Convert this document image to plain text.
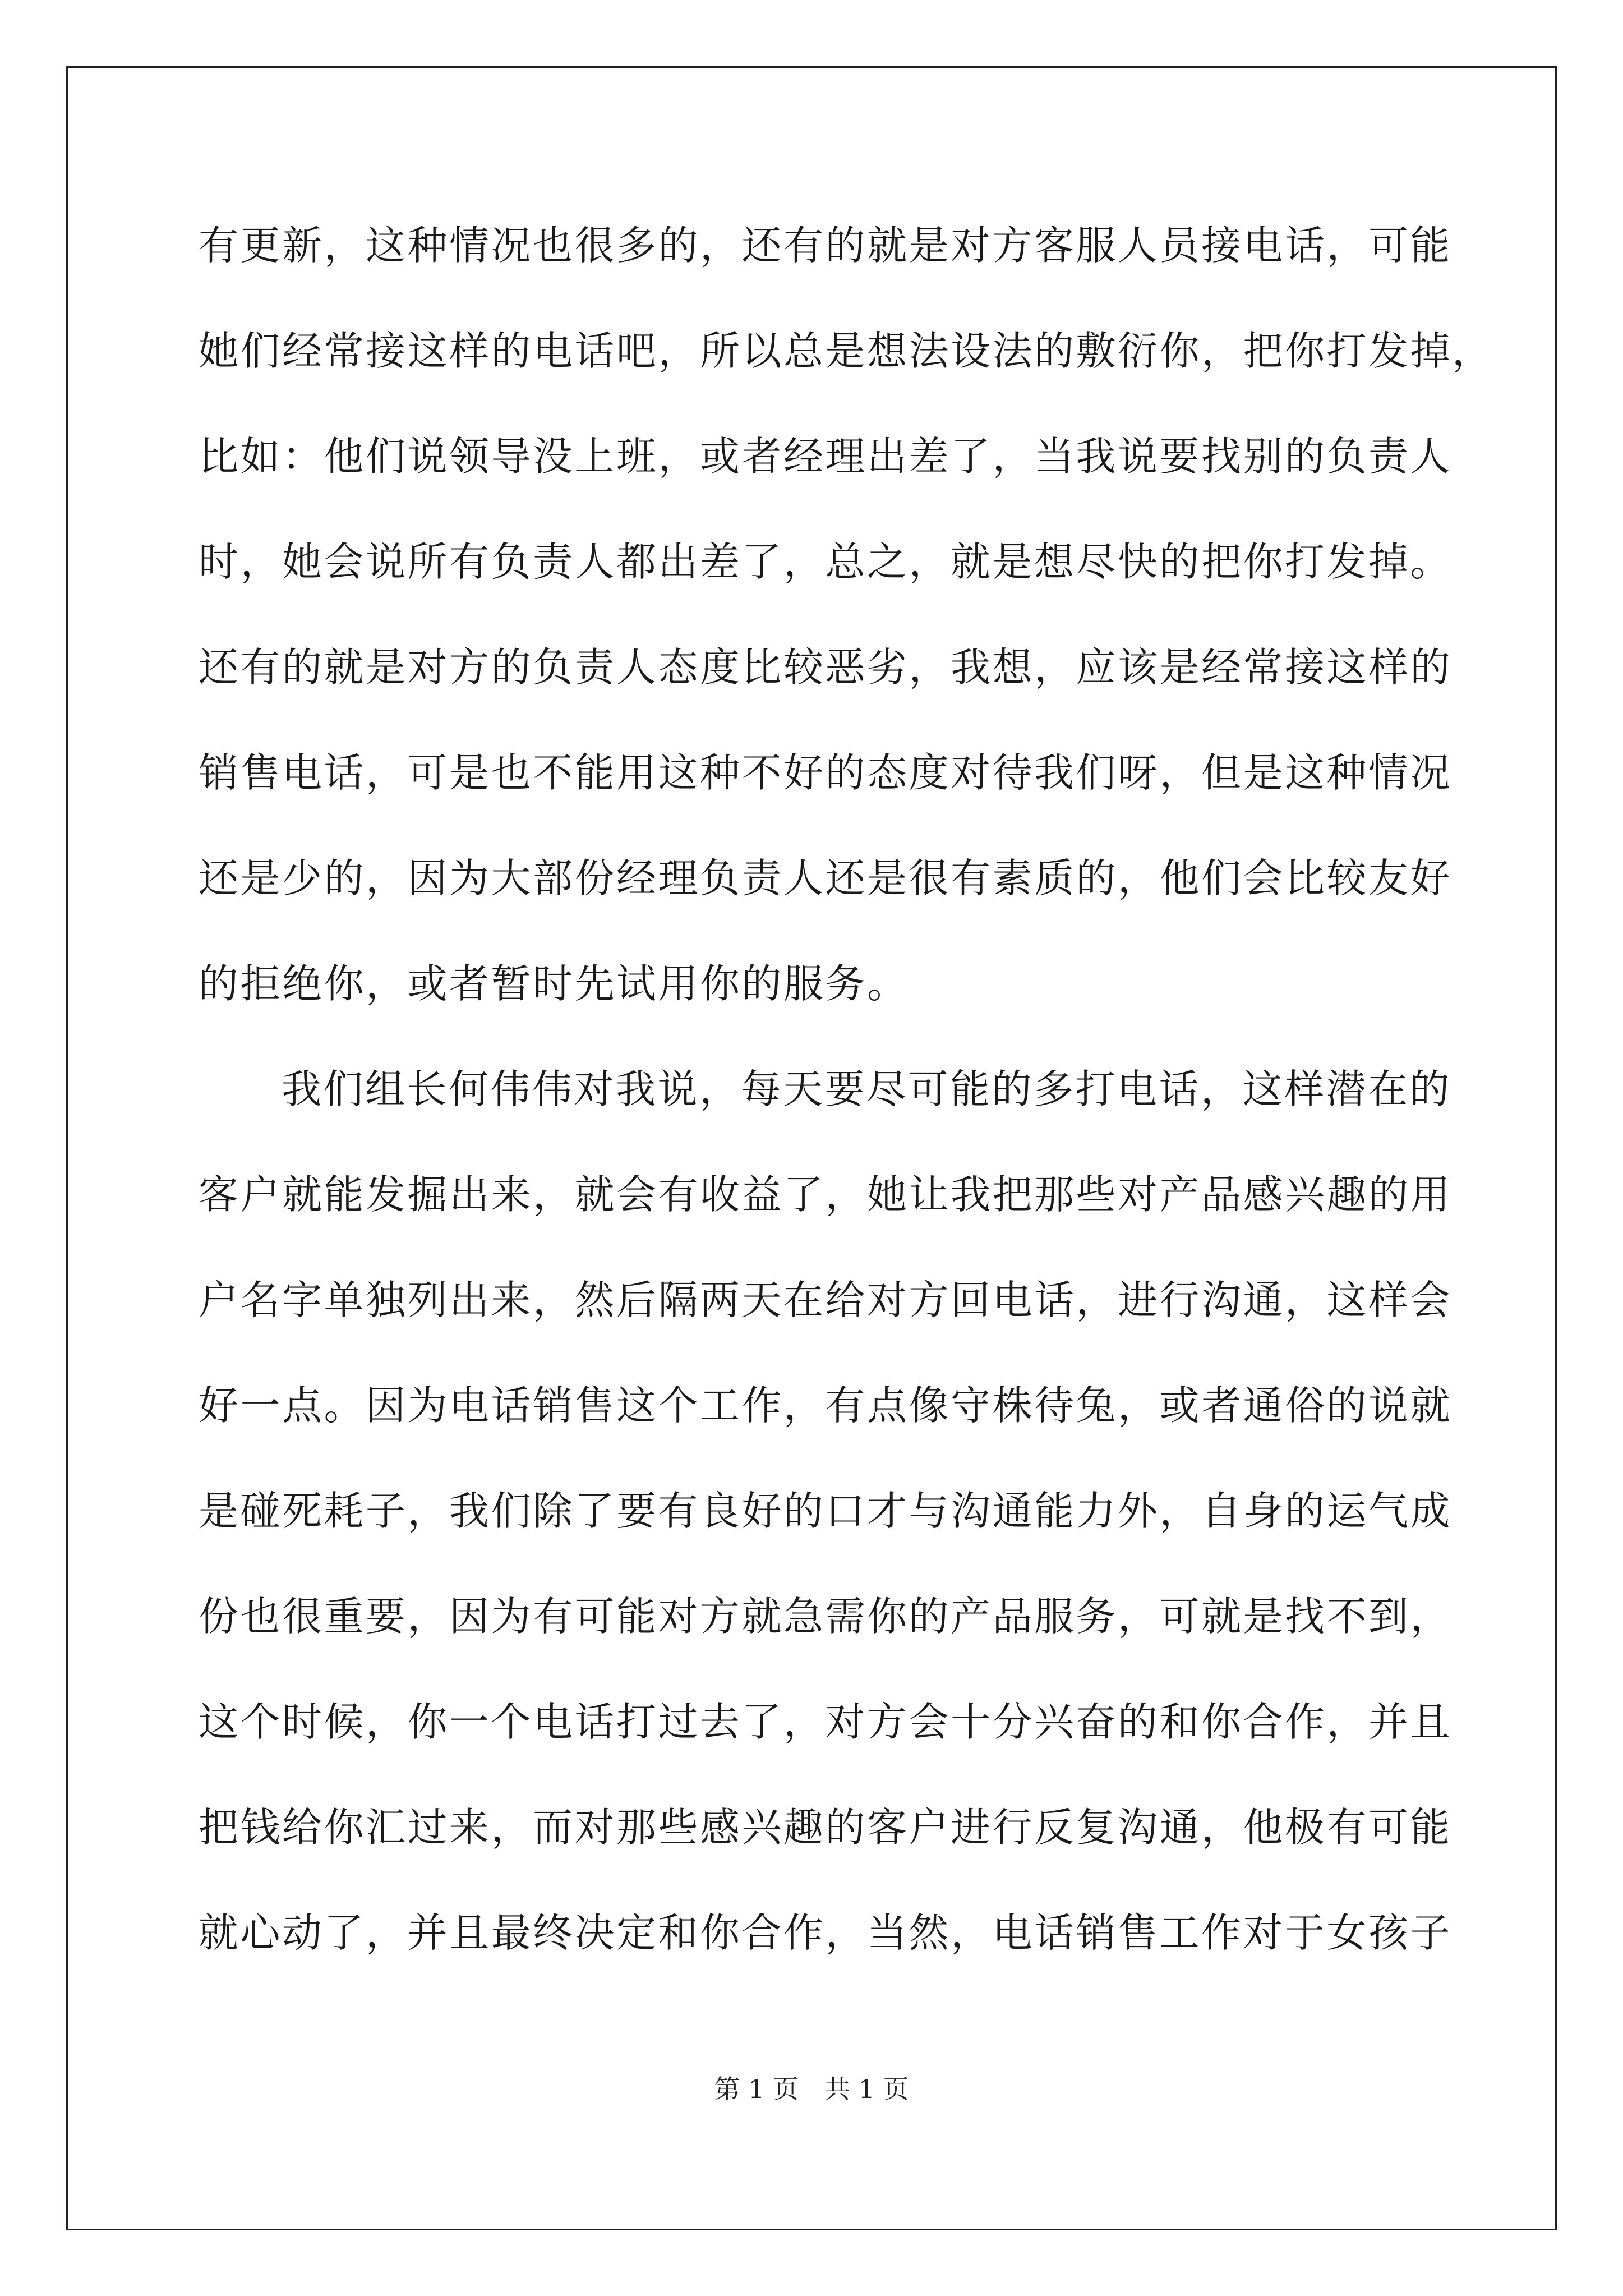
有更新，这种情况也很多的，还有的就是对方客服人员接电话，可能
她们经常接这样的电话吧，所以总是想法设法的敷衍你，把你打发掉，
比如：他们说领导没上班，或者经理出差了，当我说要找别的负责人
时，她会说所有负责人都出差了，总之，就是想尽快的把你打发掉。
还有的就是对方的负责人态度比较恶劣，我想，应该是经常接这样的
销售电话，可是也不能用这种不好的态度对待我们呀，但是这种情况
还是少的，因为大部份经理负责人还是很有素质的，他们会比较友好
的拒绝你，或者暂时先试用你的服务。
我们组长何伟伟对我说，每天要尽可能的多打电话，这样潜在的
客户就能发掘出来，就会有收益了，她让我把那些对产品感兴趣的用
户名字单独列出来，然后隔两天在给对方回电话，进行沟通，这样会
好一点。因为电话销售这个工作，有点像守株待兔，或者通俗的说就
是碰死耗子，我们除了要有良好的口才与沟通能力外，自身的运气成
份也很重要，因为有可能对方就急需你的产品服务，可就是找不到，
这个时候，你一个电话打过去了，对方会十分兴奋的和你合作，并且
把钱给你汇过来，而对那些感兴趣的客户进行反复沟通，他极有可能
就心动了，并且最终决定和你合作，当然，电话销售工作对于女孩子
第 1 页　共 1 页
